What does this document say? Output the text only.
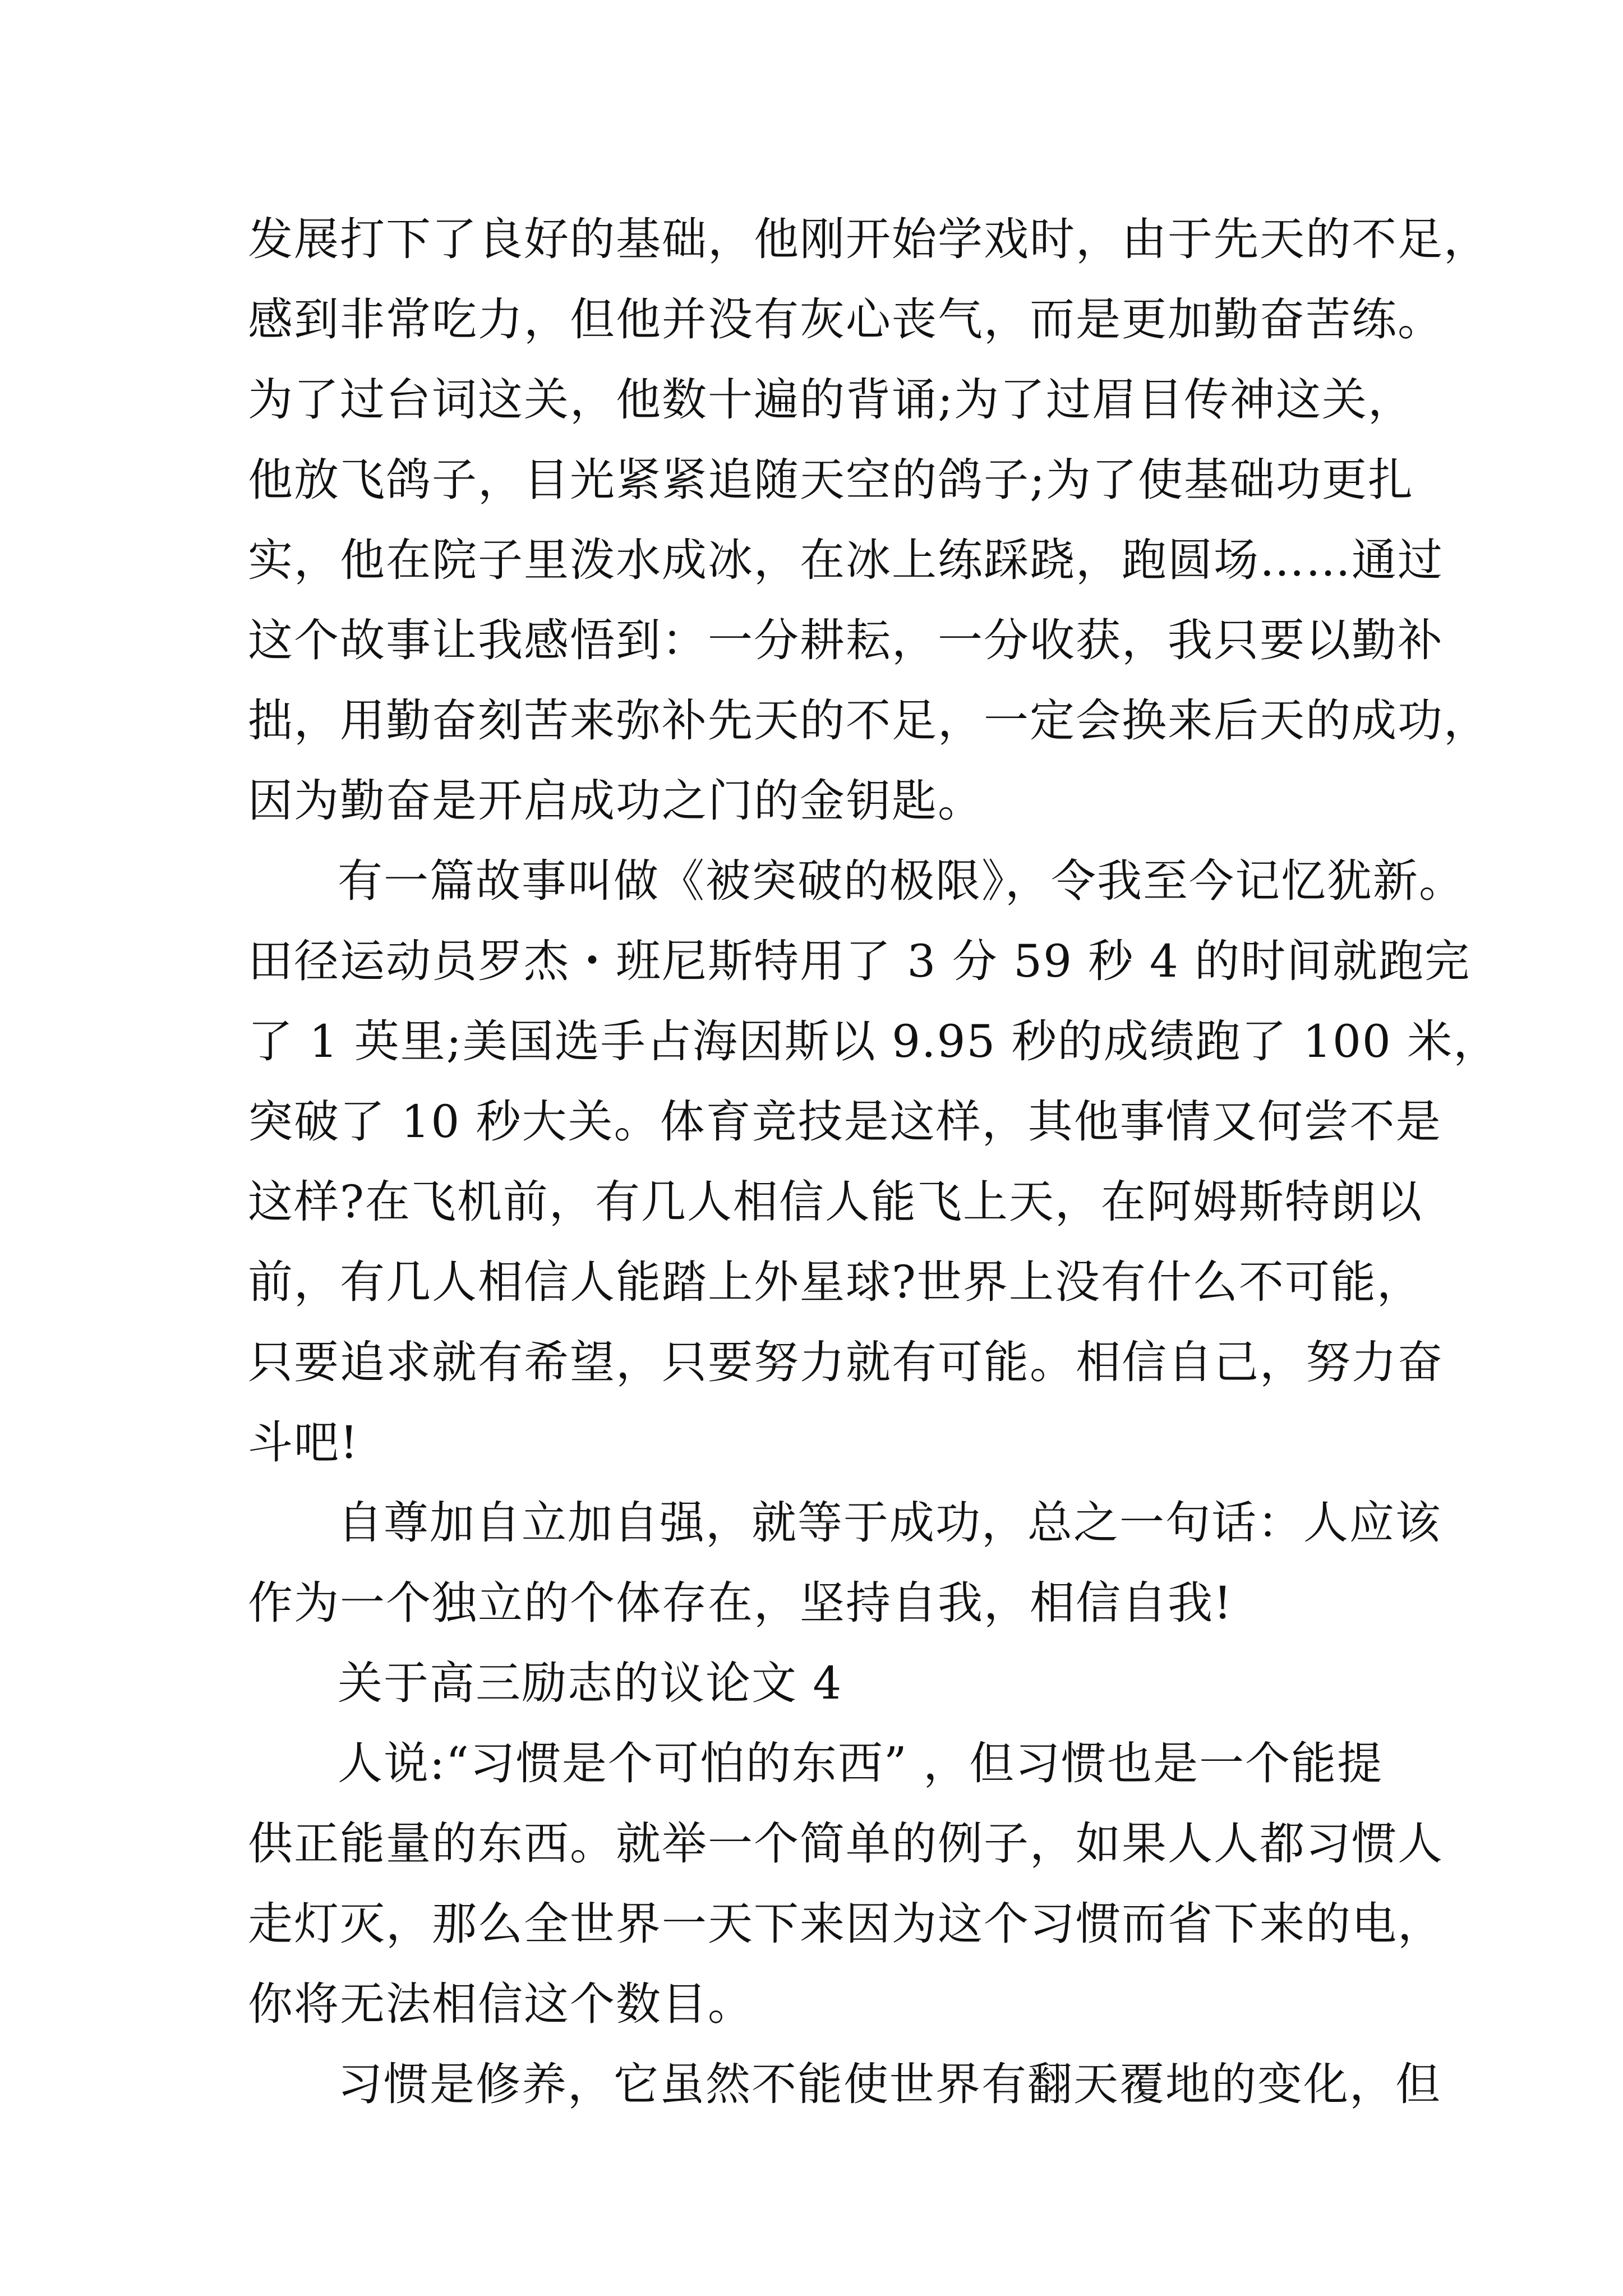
发展打下了良好的基础，他刚开始学戏时，由于先天的不足，
感到非常吃力，但他并没有灰心丧气，而是更加勤奋苦练。
为了过台词这关，他数十遍的背诵;为了过眉目传神这关，
他放飞鸽子，目光紧紧追随天空的鸽子;为了使基础功更扎
实，他在院子里泼水成冰，在冰上练踩跷，跑圆场……通过
这个故事让我感悟到：一分耕耘，一分收获，我只要以勤补
拙，用勤奋刻苦来弥补先天的不足，一定会换来后天的成功，
因为勤奋是开启成功之门的金钥匙。
有一篇故事叫做《被突破的极限》，令我至今记忆犹新。
田径运动员罗杰・班尼斯特用了 3 分 59 秒 4 的时间就跑完
了 1 英里;美国选手占海因斯以 9.95 秒的成绩跑了 100 米，
突破了 10 秒大关。体育竞技是这样，其他事情又何尝不是
这样?在飞机前，有几人相信人能飞上天，在阿姆斯特朗以
前，有几人相信人能踏上外星球?世界上没有什么不可能，
只要追求就有希望，只要努力就有可能。相信自己，努力奋
斗吧!
自尊加自立加自强，就等于成功，总之一句话：人应该
作为一个独立的个体存在，坚持自我，相信自我!
关于高三励志的议论文 4
人说:“习惯是个可怕的东西” ，但习惯也是一个能提
供正能量的东西。就举一个简单的例子，如果人人都习惯人
走灯灭，那么全世界一天下来因为这个习惯而省下来的电，
你将无法相信这个数目。
习惯是修养，它虽然不能使世界有翻天覆地的变化，但
